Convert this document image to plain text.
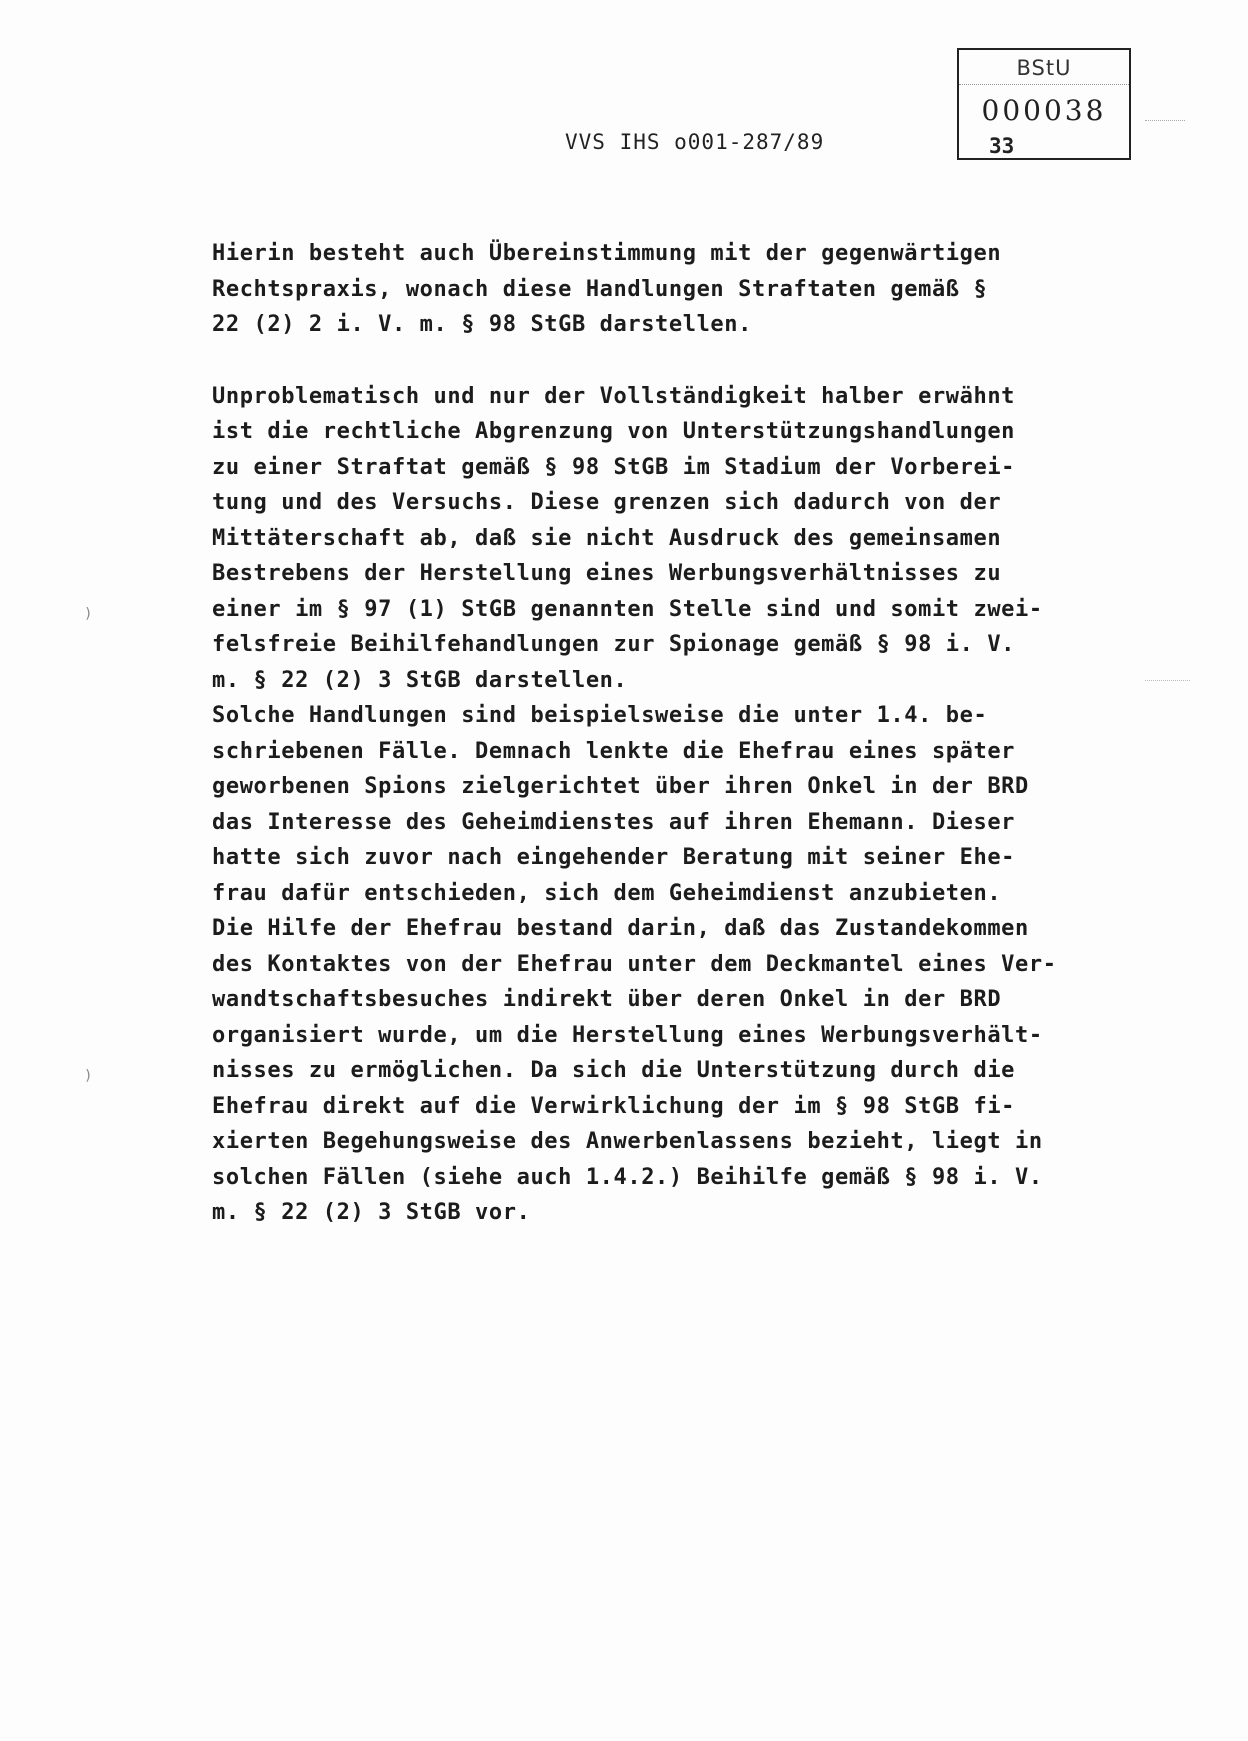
BStU
000038
33
VVS IHS o001-287/89
)
)
Hierin besteht auch Übereinstimmung mit der gegenwärtigen
Rechtspraxis, wonach diese Handlungen Straftaten gemäß §
22 (2) 2 i. V. m. § 98 StGB darstellen.
Unproblematisch und nur der Vollständigkeit halber erwähnt
ist die rechtliche Abgrenzung von Unterstützungshandlungen
zu einer Straftat gemäß § 98 StGB im Stadium der Vorberei-
tung und des Versuchs. Diese grenzen sich dadurch von der
Mittäterschaft ab, daß sie nicht Ausdruck des gemeinsamen
Bestrebens der Herstellung eines Werbungsverhältnisses zu
einer im § 97 (1) StGB genannten Stelle sind und somit zwei-
felsfreie Beihilfehandlungen zur Spionage gemäß § 98 i. V.
m. § 22 (2) 3 StGB darstellen.
Solche Handlungen sind beispielsweise die unter 1.4. be-
schriebenen Fälle. Demnach lenkte die Ehefrau eines später
geworbenen Spions zielgerichtet über ihren Onkel in der BRD
das Interesse des Geheimdienstes auf ihren Ehemann. Dieser
hatte sich zuvor nach eingehender Beratung mit seiner Ehe-
frau dafür entschieden, sich dem Geheimdienst anzubieten.
Die Hilfe der Ehefrau bestand darin, daß das Zustandekommen
des Kontaktes von der Ehefrau unter dem Deckmantel eines Ver-
wandtschaftsbesuches indirekt über deren Onkel in der BRD
organisiert wurde, um die Herstellung eines Werbungsverhält-
nisses zu ermöglichen. Da sich die Unterstützung durch die
Ehefrau direkt auf die Verwirklichung der im § 98 StGB fi-
xierten Begehungsweise des Anwerbenlassens bezieht, liegt in
solchen Fällen (siehe auch 1.4.2.) Beihilfe gemäß § 98 i. V.
m. § 22 (2) 3 StGB vor.
